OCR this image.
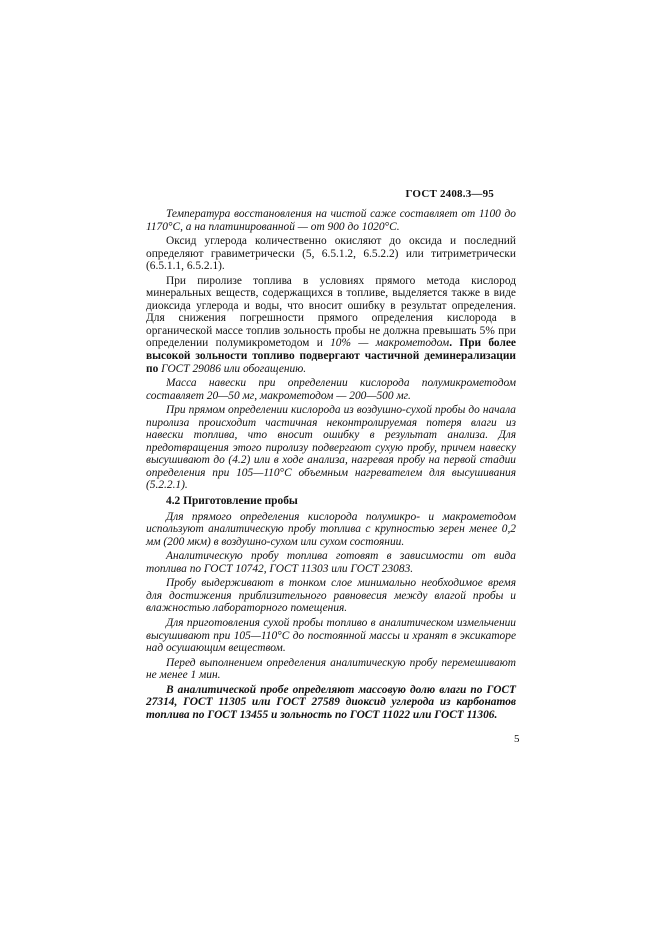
ГОСТ 2408.3—95

Температура восстановления на чистой саже составляет от 1100 до 1170°С, а на платинированной — от 900 до 1020°С.

Оксид углерода количественно окисляют до оксида и последний определяют гравиметрически (5, 6.5.1.2, 6.5.2.2) или титриметрически (6.5.1.1, 6.5.2.1).

При пиролизе топлива в условиях прямого метода кислород минеральных веществ, содержащихся в топливе, выделяется также в виде диоксида углерода и воды, что вносит ошибку в результат определения. Для снижения погрешности прямого определения кислорода в органической массе топлив зольность пробы не должна превышать 5% при определении полумикрометодом и 10% — макрометодом. При более высокой зольности топливо подвергают частичной деминерализации по ГОСТ 29086 или обогащению.

Масса навески при определении кислорода полумикрометодом составляет 20—50 мг, макрометодом — 200—500 мг.

При прямом определении кислорода из воздушно-сухой пробы до начала пиролиза происходит частичная неконтролируемая потеря влаги из навески топлива, что вносит ошибку в результат анализа. Для предотвращения этого пиролизу подвергают сухую пробу, причем навеску высушивают до (4.2) или в ходе анализа, нагревая пробу на первой стадии определения при 105—110°С объемным нагревателем для высушивания (5.2.2.1).

4.2 Приготовление пробы

Для прямого определения кислорода полумикро- и макрометодом используют аналитическую пробу топлива с крупностью зерен менее 0,2 мм (200 мкм) в воздушно-сухом или сухом состоянии.

Аналитическую пробу топлива готовят в зависимости от вида топлива по ГОСТ 10742, ГОСТ 11303 или ГОСТ 23083.

Пробу выдерживают в тонком слое минимально необходимое время для достижения приблизительного равновесия между влагой пробы и влажностью лабораторного помещения.

Для приготовления сухой пробы топливо в аналитическом измельчении высушивают при 105—110°С до постоянной массы и хранят в эксикаторе над осушающим веществом.

Перед выполнением определения аналитическую пробу перемешивают не менее 1 мин.

В аналитической пробе определяют массовую долю влаги по ГОСТ 27314, ГОСТ 11305 или ГОСТ 27589 диоксид углерода из карбонатов топлива по ГОСТ 13455 и зольность по ГОСТ 11022 или ГОСТ 11306.

5
